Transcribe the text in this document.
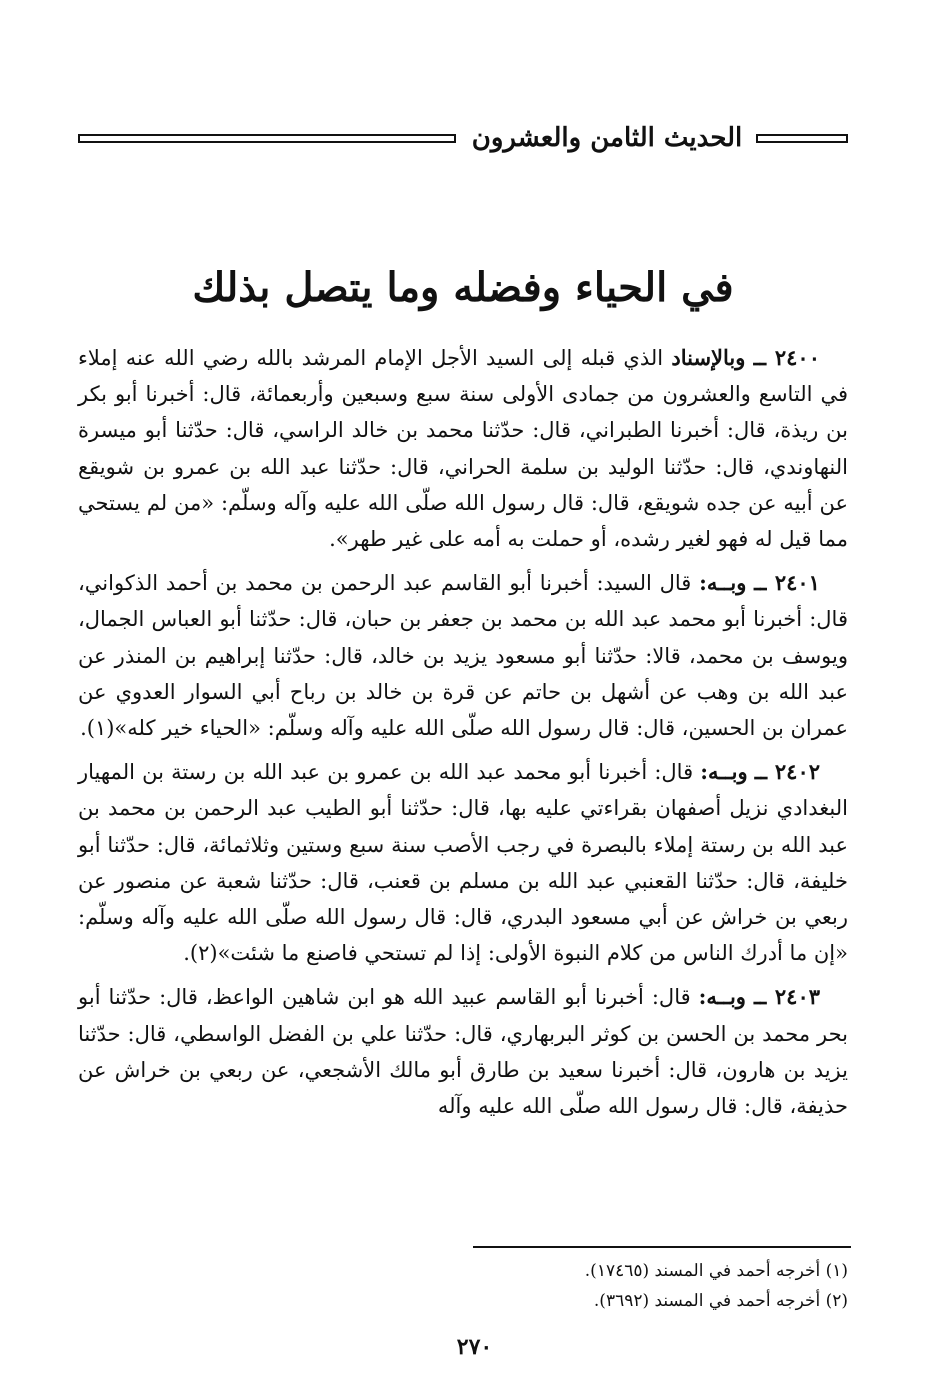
الحديث الثامن والعشرون
في الحياء وفضله وما يتصل بذلك

٢٤٠٠ ــ وبالإسناد الذي قبله إلى السيد الأجل الإمام المرشد بالله رضي الله عنه إملاء في التاسع والعشرون من جمادى الأولى سنة سبع وسبعين وأربعمائة، قال: أخبرنا أبو بكر بن ريذة، قال: أخبرنا الطبراني، قال: حدّثنا محمد بن خالد الراسي، قال: حدّثنا أبو ميسرة النهاوندي، قال: حدّثنا الوليد بن سلمة الحراني، قال: حدّثنا عبد الله بن عمرو بن شويقع عن أبيه عن جده شويقع، قال: قال رسول الله صلّى الله عليه وآله وسلّم: «من لم يستحي مما قيل له فهو لغير رشده، أو حملت به أمه على غير طهر».

٢٤٠١ ــ وبــه: قال السيد: أخبرنا أبو القاسم عبد الرحمن بن محمد بن أحمد الذكواني، قال: أخبرنا أبو محمد عبد الله بن محمد بن جعفر بن حبان، قال: حدّثنا أبو العباس الجمال، ويوسف بن محمد، قالا: حدّثنا أبو مسعود يزيد بن خالد، قال: حدّثنا إبراهيم بن المنذر عن عبد الله بن وهب عن أشهل بن حاتم عن قرة بن خالد بن رباح أبي السوار العدوي عن عمران بن الحسين، قال: قال رسول الله صلّى الله عليه وآله وسلّم: «الحياء خير كله»(١).

٢٤٠٢ ــ وبــه: قال: أخبرنا أبو محمد عبد الله بن عمرو بن عبد الله بن رستة بن المهيار البغدادي نزيل أصفهان بقراءتي عليه بها، قال: حدّثنا أبو الطيب عبد الرحمن بن محمد بن عبد الله بن رستة إملاء بالبصرة في رجب الأصب سنة سبع وستين وثلاثمائة، قال: حدّثنا أبو خليفة، قال: حدّثنا القعنبي عبد الله بن مسلم بن قعنب، قال: حدّثنا شعبة عن منصور عن ربعي بن خراش عن أبي مسعود البدري، قال: قال رسول الله صلّى الله عليه وآله وسلّم: «إن ما أدرك الناس من كلام النبوة الأولى: إذا لم تستحي فاصنع ما شئت»(٢).

٢٤٠٣ ــ وبــه: قال: أخبرنا أبو القاسم عبيد الله هو ابن شاهين الواعظ، قال: حدّثنا أبو بحر محمد بن الحسن بن كوثر البربهاري، قال: حدّثنا علي بن الفضل الواسطي، قال: حدّثنا يزيد بن هارون، قال: أخبرنا سعيد بن طارق أبو مالك الأشجعي، عن ربعي بن خراش عن حذيفة، قال: قال رسول الله صلّى الله عليه وآله

(١) أخرجه أحمد في المسند (١٧٤٦٥).
(٢) أخرجه أحمد في المسند (٣٦٩٢).
٢٧٠
